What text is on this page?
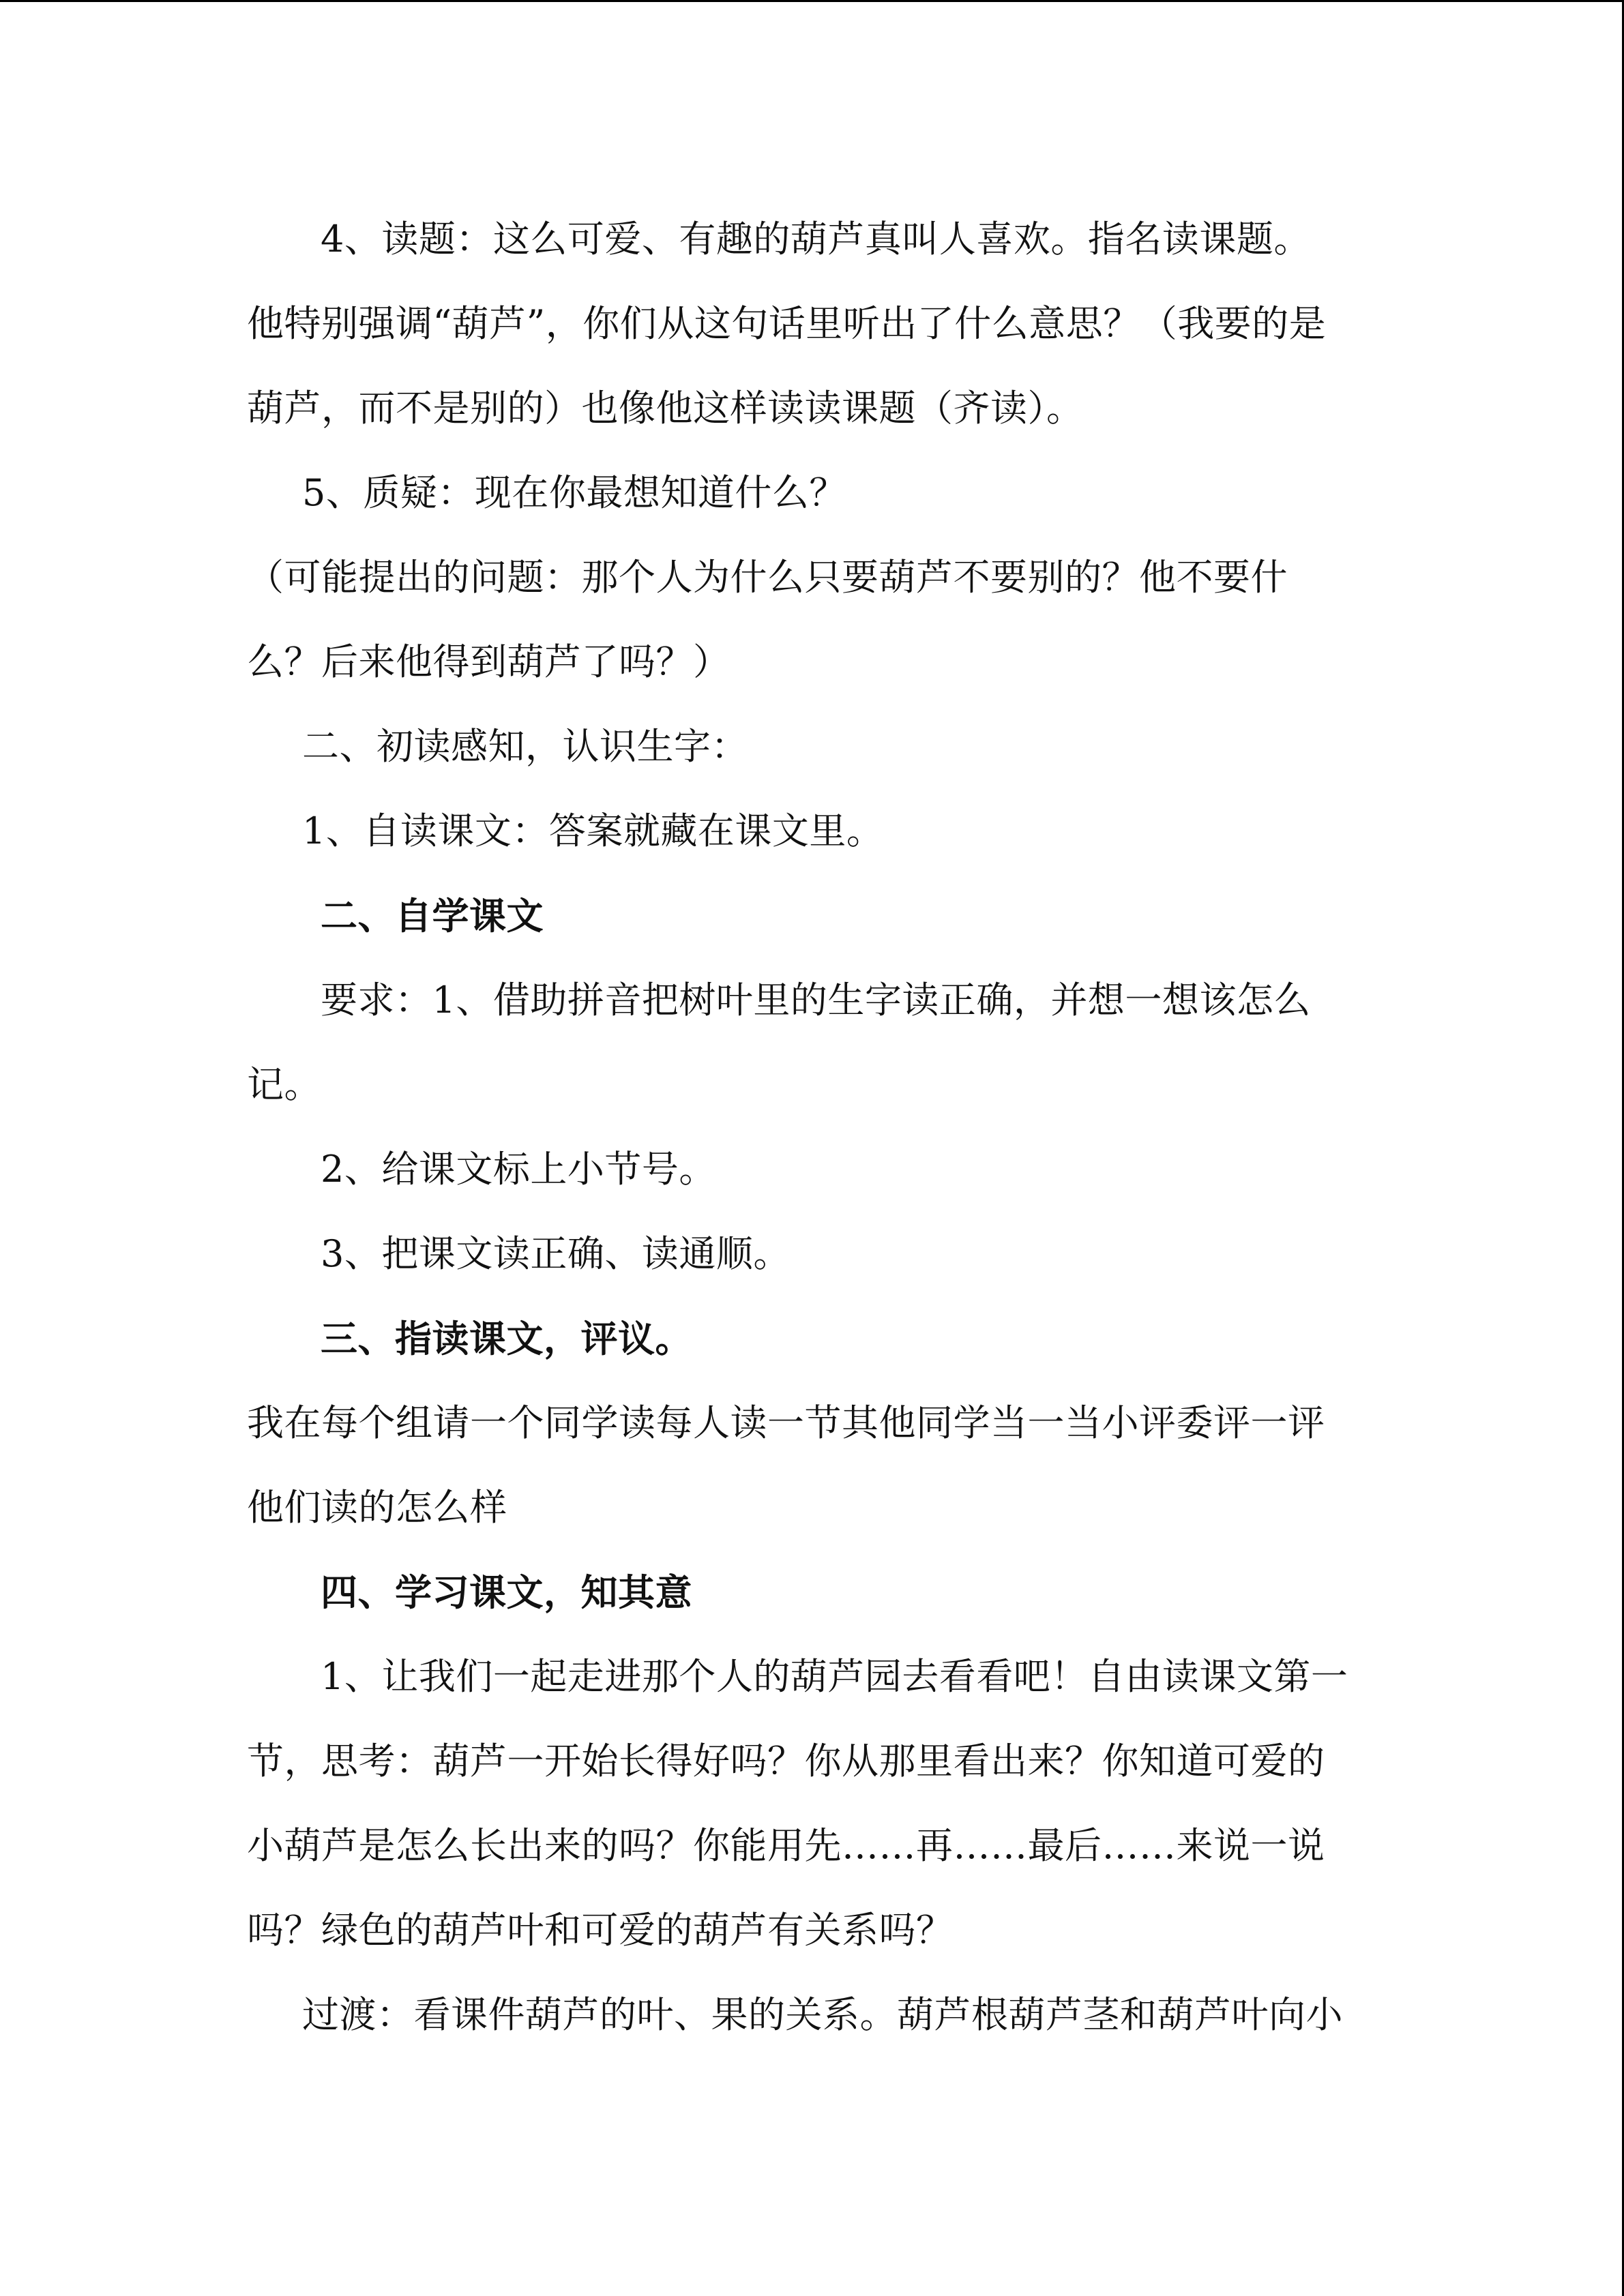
4、读题：这么可爱、有趣的葫芦真叫人喜欢。指名读课题。
他特别强调“葫芦”，你们从这句话里听出了什么意思？（我要的是
葫芦，而不是别的）也像他这样读读课题（齐读）。
5、质疑：现在你最想知道什么？
（可能提出的问题：那个人为什么只要葫芦不要别的？他不要什
么？后来他得到葫芦了吗？）
二、初读感知，认识生字：
1、自读课文：答案就藏在课文里。
二、自学课文
要求：1、借助拼音把树叶里的生字读正确，并想一想该怎么
记。
2、给课文标上小节号。
3、把课文读正确、读通顺。
三、指读课文，评议。
我在每个组请一个同学读每人读一节其他同学当一当小评委评一评
他们读的怎么样
四、学习课文，知其意
1、让我们一起走进那个人的葫芦园去看看吧！自由读课文第一
节，思考：葫芦一开始长得好吗？你从那里看出来？你知道可爱的
小葫芦是怎么长出来的吗？你能用先……再……最后……来说一说
吗？绿色的葫芦叶和可爱的葫芦有关系吗？
过渡：看课件葫芦的叶、果的关系。葫芦根葫芦茎和葫芦叶向小
